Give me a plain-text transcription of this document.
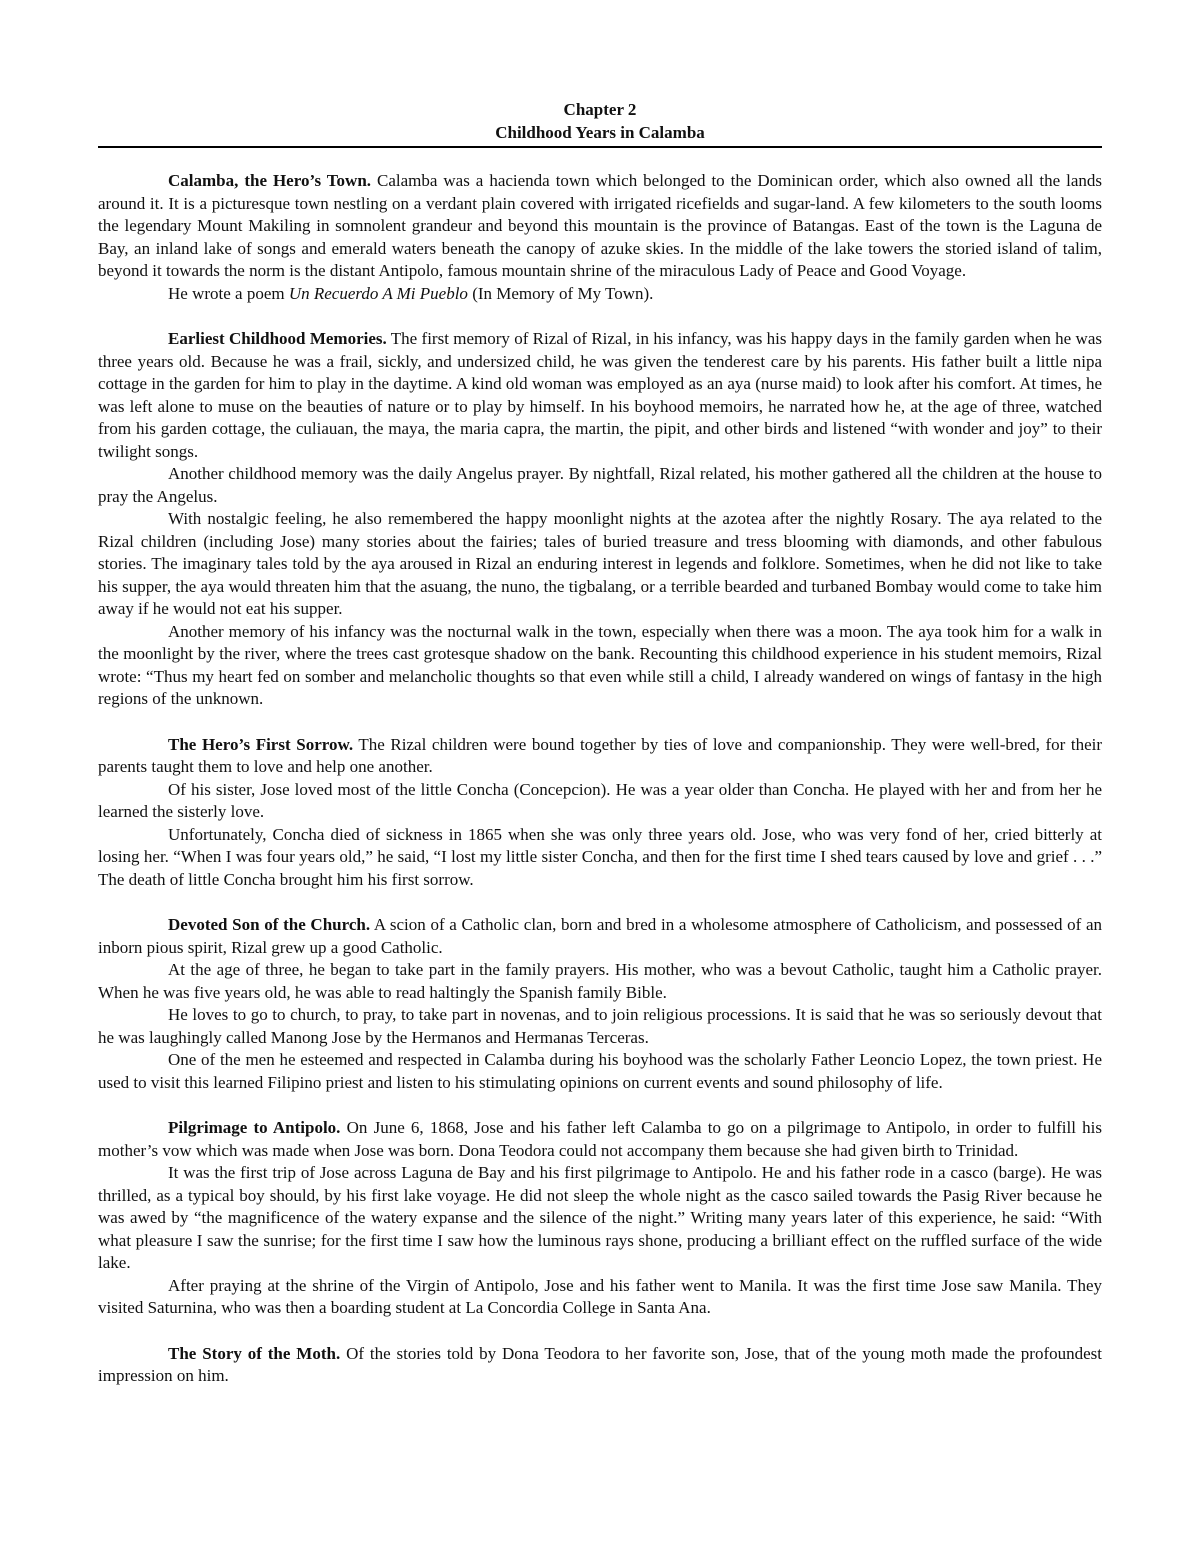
Chapter 2
Childhood Years in Calamba

Calamba, the Hero’s Town. Calamba was a hacienda town which belonged to the Dominican order, which also owned all the lands around it. It is a picturesque town nestling on a verdant plain covered with irrigated ricefields and sugar-land. A few kilometers to the south looms the legendary Mount Makiling in somnolent grandeur and beyond this mountain is the province of Batangas. East of the town is the Laguna de Bay, an inland lake of songs and emerald waters beneath the canopy of azuke skies. In the middle of the lake towers the storied island of talim, beyond it towards the norm is the distant Antipolo, famous mountain shrine of the miraculous Lady of Peace and Good Voyage.

He wrote a poem Un Recuerdo A Mi Pueblo (In Memory of My Town).

Earliest Childhood Memories. The first memory of Rizal of Rizal, in his infancy, was his happy days in the family garden when he was three years old. Because he was a frail, sickly, and undersized child, he was given the tenderest care by his parents. His father built a little nipa cottage in the garden for him to play in the daytime. A kind old woman was employed as an aya (nurse maid) to look after his comfort. At times, he was left alone to muse on the beauties of nature or to play by himself. In his boyhood memoirs, he narrated how he, at the age of three, watched from his garden cottage, the culiauan, the maya, the maria capra, the martin, the pipit, and other birds and listened “with wonder and joy” to their twilight songs.

Another childhood memory was the daily Angelus prayer. By nightfall, Rizal related, his mother gathered all the children at the house to pray the Angelus.

With nostalgic feeling, he also remembered the happy moonlight nights at the azotea after the nightly Rosary. The aya related to the Rizal children (including Jose) many stories about the fairies; tales of buried treasure and tress blooming with diamonds, and other fabulous stories. The imaginary tales told by the aya aroused in Rizal an enduring interest in legends and folklore. Sometimes, when he did not like to take his supper, the aya would threaten him that the asuang, the nuno, the tigbalang, or a terrible bearded and turbaned Bombay would come to take him away if he would not eat his supper.

Another memory of his infancy was the nocturnal walk in the town, especially when there was a moon. The aya took him for a walk in the moonlight by the river, where the trees cast grotesque shadow on the bank. Recounting this childhood experience in his student memoirs, Rizal wrote: “Thus my heart fed on somber and melancholic thoughts so that even while still a child, I already wandered on wings of fantasy in the high regions of the unknown.

The Hero’s First Sorrow. The Rizal children were bound together by ties of love and companionship. They were well-bred, for their parents taught them to love and help one another.

Of his sister, Jose loved most of the little Concha (Concepcion). He was a year older than Concha. He played with her and from her he learned the sisterly love.

Unfortunately, Concha died of sickness in 1865 when she was only three years old. Jose, who was very fond of her, cried bitterly at losing her. “When I was four years old,” he said, “I lost my little sister Concha, and then for the first time I shed tears caused by love and grief . . .” The death of little Concha brought him his first sorrow.

Devoted Son of the Church. A scion of a Catholic clan, born and bred in a wholesome atmosphere of Catholicism, and possessed of an inborn pious spirit, Rizal grew up a good Catholic.

At the age of three, he began to take part in the family prayers. His mother, who was a bevout Catholic, taught him a Catholic prayer. When he was five years old, he was able to read haltingly the Spanish family Bible.

He loves to go to church, to pray, to take part in novenas, and to join religious processions. It is said that he was so seriously devout that he was laughingly called Manong Jose by the Hermanos and Hermanas Terceras.

One of the men he esteemed and respected in Calamba during his boyhood was the scholarly Father Leoncio Lopez, the town priest. He used to visit this learned Filipino priest and listen to his stimulating opinions on current events and sound philosophy of life.

Pilgrimage to Antipolo. On June 6, 1868, Jose and his father left Calamba to go on a pilgrimage to Antipolo, in order to fulfill his mother’s vow which was made when Jose was born. Dona Teodora could not accompany them because she had given birth to Trinidad.

It was the first trip of Jose across Laguna de Bay and his first pilgrimage to Antipolo. He and his father rode in a casco (barge). He was thrilled, as a typical boy should, by his first lake voyage. He did not sleep the whole night as the casco sailed towards the Pasig River because he was awed by “the magnificence of the watery expanse and the silence of the night.” Writing many years later of this experience, he said: “With what pleasure I saw the sunrise; for the first time I saw how the luminous rays shone, producing a brilliant effect on the ruffled surface of the wide lake.

After praying at the shrine of the Virgin of Antipolo, Jose and his father went to Manila. It was the first time Jose saw Manila. They visited Saturnina, who was then a boarding student at La Concordia College in Santa Ana.

The Story of the Moth. Of the stories told by Dona Teodora to her favorite son, Jose, that of the young moth made the profoundest impression on him.
